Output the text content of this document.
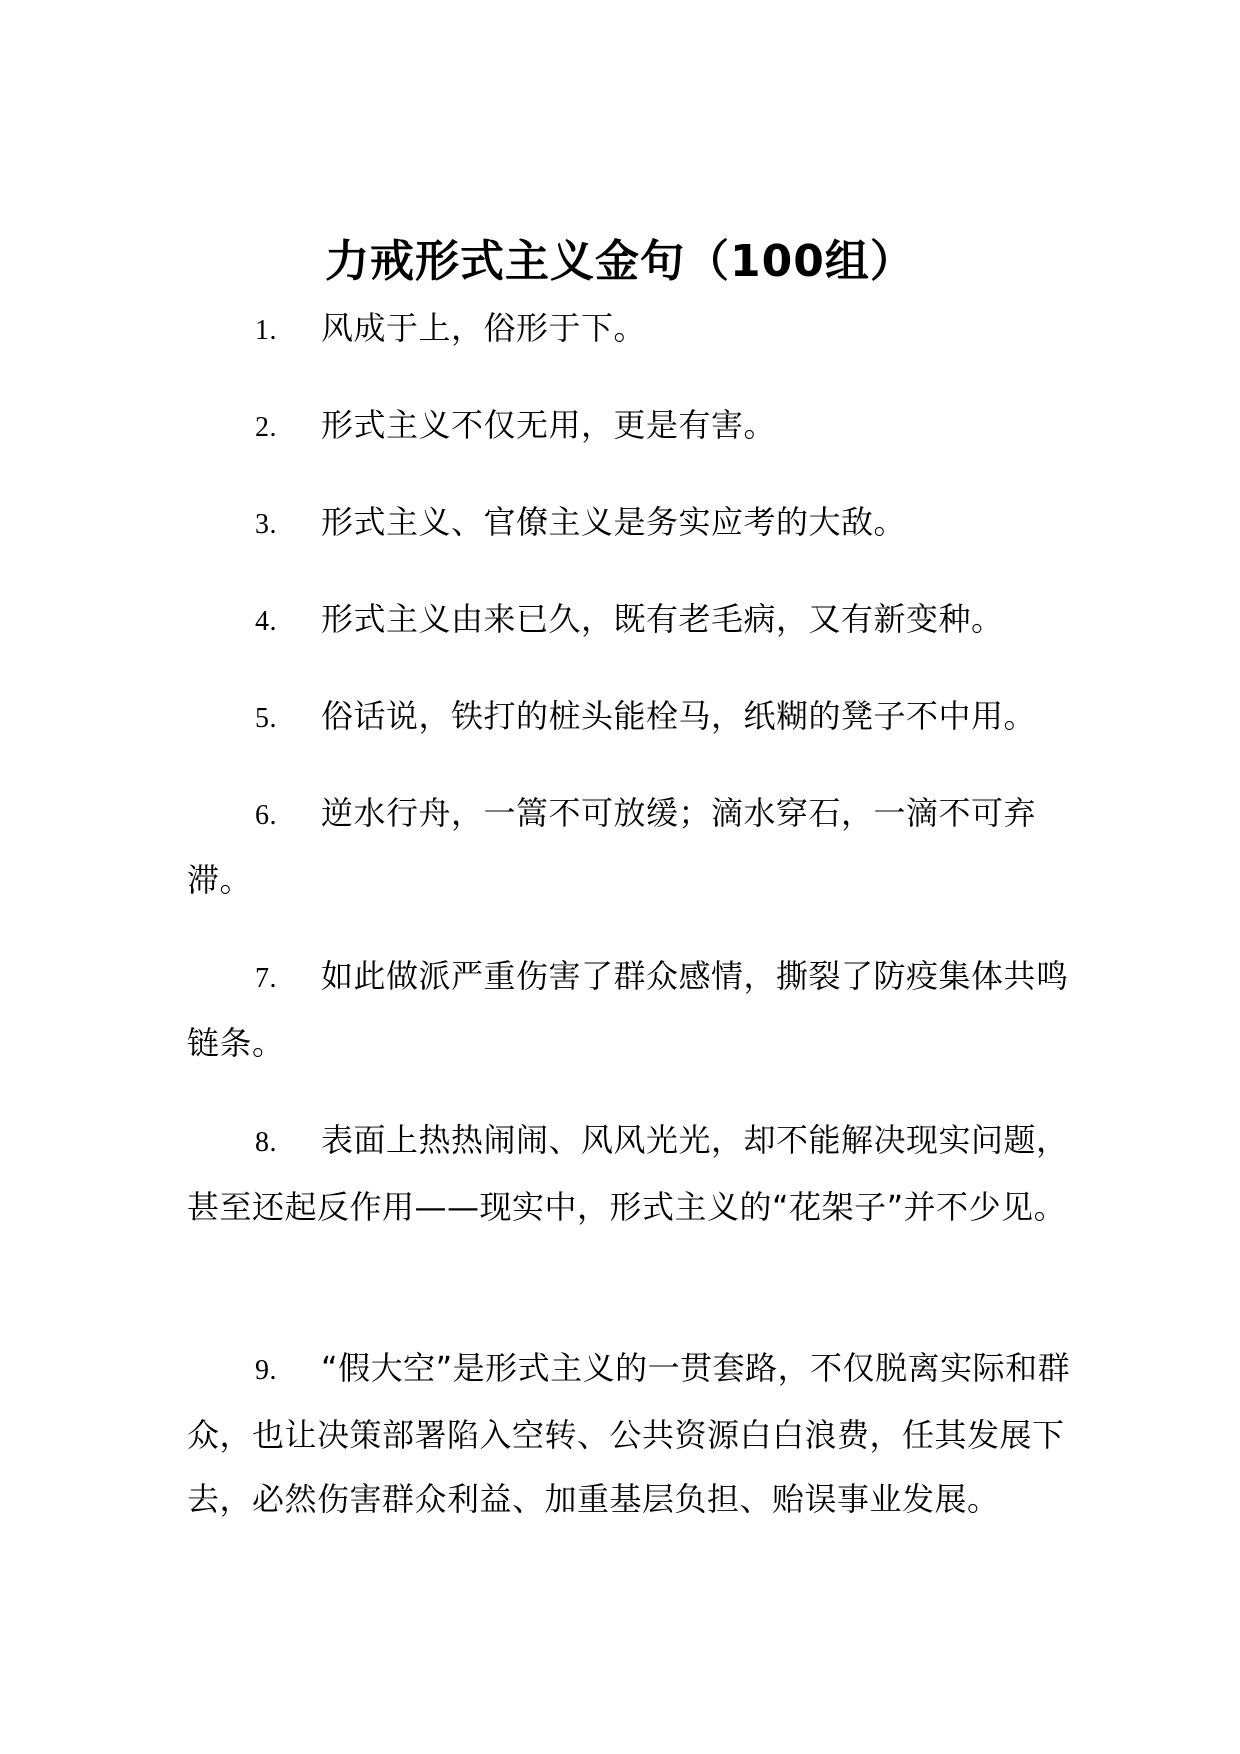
力戒形式主义金句（100组）

1. 风成于上，俗形于下。

2. 形式主义不仅无用，更是有害。

3. 形式主义、官僚主义是务实应考的大敌。

4. 形式主义由来已久，既有老毛病，又有新变种。

5. 俗话说，铁打的桩头能栓马，纸糊的凳子不中用。

6. 逆水行舟，一篙不可放缓；滴水穿石，一滴不可弃滞。

7. 如此做派严重伤害了群众感情，撕裂了防疫集体共鸣链条。

8. 表面上热热闹闹、风风光光，却不能解决现实问题，甚至还起反作用——现实中，形式主义的“花架子”并不少见。

9. “假大空”是形式主义的一贯套路，不仅脱离实际和群众，也让决策部署陷入空转、公共资源白白浪费，任其发展下去，必然伤害群众利益、加重基层负担、贻误事业发展。
